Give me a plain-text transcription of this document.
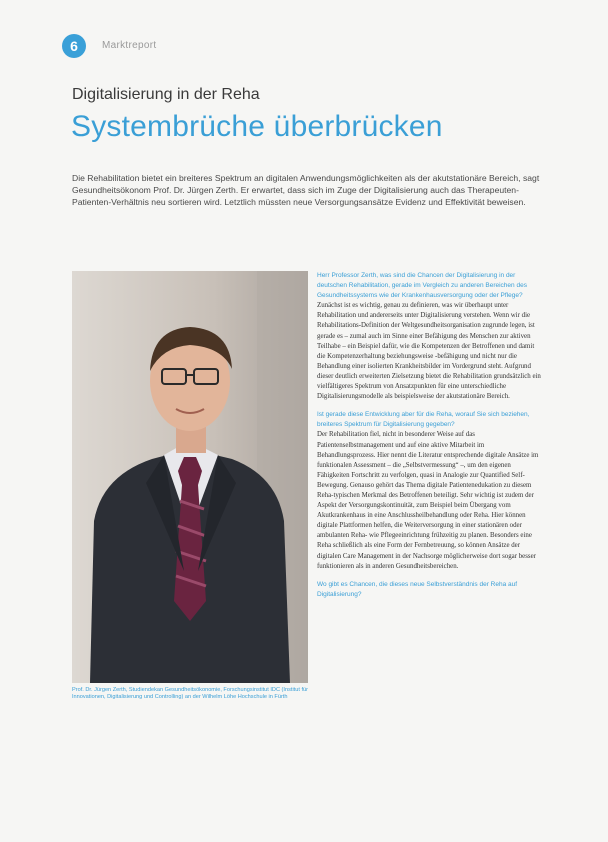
6	Marktreport
Digitalisierung in der Reha
Systembrüche überbrücken
Die Rehabilitation bietet ein breiteres Spektrum an digitalen Anwendungsmöglichkeiten als der akutstationäre Bereich, sagt Gesundheitsökonom Prof. Dr. Jürgen Zerth. Er erwartet, dass sich im Zuge der Digitalisierung auch das Therapeuten-Patienten-Verhältnis neu sortieren wird. Letztlich müssten neue Versorgungsansätze Evidenz und Effektivität beweisen.
Prof. Dr. Jürgen Zerth, Studiendekan Gesundheitsökonomie, Forschungsinstitut IDC (Institut für Innovationen, Digitalisierung und Controlling) an der Wilhelm Löhe Hochschule in Fürth

Herr Professor Zerth, was sind die Chancen der Digitalisierung in der deutschen Rehabilitation, gerade im Vergleich zu anderen Bereichen des Gesundheitssystems wie der Krankenhausversorgung oder der Pflege?

Zunächst ist es wichtig, genau zu definieren, was wir überhaupt unter Rehabilitation und andererseits unter Digitalisierung verstehen. Wenn wir die Rehabilitations-Definition der Weltgesundheitsorganisation zugrunde legen, ist gerade es – zumal auch im Sinne einer Befähigung des Menschen zur aktiven Teilhabe – ein Beispiel dafür, wie die Kompetenzen der Betroffenen und damit die Kompetenzerhaltung beziehungsweise -befähigung und nicht nur die Behandlung einer isolierten Krankheitsbilder im Vordergrund steht. Aufgrund dieser deutlich erweiterten Zielsetzung bietet die Rehabilitation grundsätzlich ein vielfältigeres Spektrum von Ansatzpunkten für eine unterschiedliche Digitalisierungsmodelle als beispielsweise der akutstationäre Bereich.

Ist gerade diese Entwicklung aber für die Reha, worauf Sie sich beziehen, breiteres Spektrum für Digitalisierung gegeben?

Der Rehabilitation fiel, nicht in besonderer Weise auf das Patientenselbstmanagement und auf eine aktive Mitarbeit im Behandlungsprozess. Hier nennt die Literatur entsprechende digitale Ansätze im funktionalen Assessment – die „Selbstvermessung“ –, um den eigenen Fähigkeiten Fortschritt zu verfolgen, quasi in Analogie zur Quantified Self-Bewegung. Genauso gehört das Thema digitale Patientenedukation zu diesem Reha-typischen Merkmal des Betroffenen beteiligt. Sehr wichtig ist zudem der Aspekt der Versorgungskontinuität, zum Beispiel beim Übergang vom Akutkrankenhaus in eine Anschlussheilbehandlung oder Reha. Hier können digitale Plattformen helfen, die Weiterversorgung in einer stationären oder ambulanten Reha- wie Pflegeeinrichtung frühzeitig zu planen. Besonders eine Reha schließlich als eine Form der Fernbetreuung, so können Ansätze der digitalen Care Management in der Nachsorge möglicherweise dort sogar besser funktionieren als in anderen Gesundheitsbereichen.

Wo gibt es Chancen, die dieses neue Selbstverständnis der Reha auf Digitalisierung?
